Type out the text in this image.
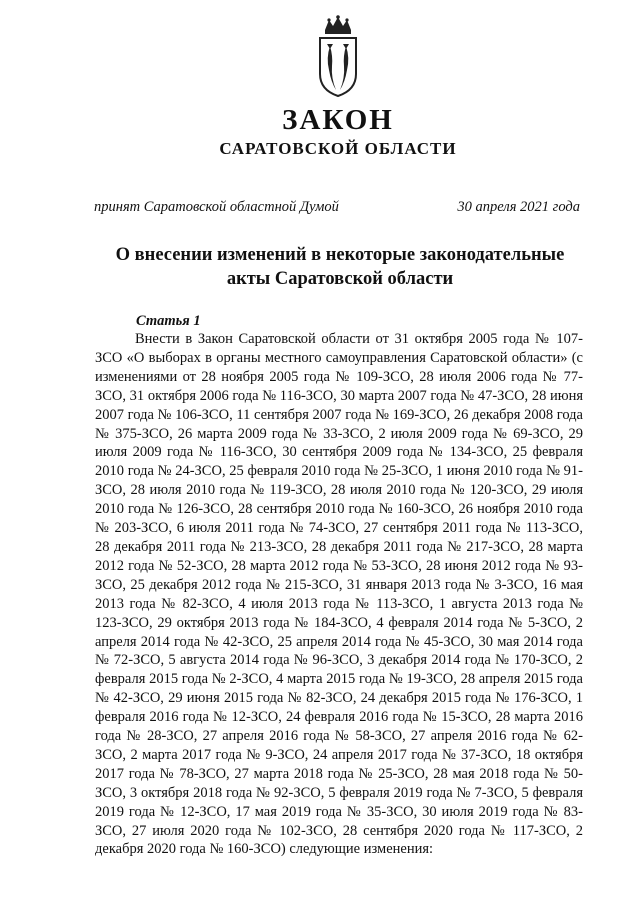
ЗАКОН
САРАТОВСКОЙ ОБЛАСТИ
принят Саратовской областной Думой	30 апреля 2021 года
О внесении изменений в некоторые законодательные акты Саратовской области
Статья 1

Внести в Закон Саратовской области от 31 октября 2005 года № 107-ЗСО «О выборах в органы местного самоуправления Саратовской области» (с изменениями от 28 ноября 2005 года № 109-ЗСО, 28 июля 2006 года № 77-ЗСО, 31 октября 2006 года № 116-ЗСО, 30 марта 2007 года № 47-ЗСО, 28 июня 2007 года № 106-ЗСО, 11 сентября 2007 года № 169-ЗСО, 26 декабря 2008 года № 375-ЗСО, 26 марта 2009 года № 33-ЗСО, 2 июля 2009 года № 69-ЗСО, 29 июля 2009 года № 116-ЗСО, 30 сентября 2009 года № 134-ЗСО, 25 февраля 2010 года № 24-ЗСО, 25 февраля 2010 года № 25-ЗСО, 1 июня 2010 года № 91-ЗСО, 28 июля 2010 года № 119-ЗСО, 28 июля 2010 года № 120-ЗСО, 29 июля 2010 года № 126-ЗСО, 28 сентября 2010 года № 160-ЗСО, 26 ноября 2010 года № 203-ЗСО, 6 июля 2011 года № 74-ЗСО, 27 сентября 2011 года № 113-ЗСО, 28 декабря 2011 года № 213-ЗСО, 28 декабря 2011 года № 217-ЗСО, 28 марта 2012 года № 52-ЗСО, 28 марта 2012 года № 53-ЗСО, 28 июня 2012 года № 93-ЗСО, 25 декабря 2012 года № 215-ЗСО, 31 января 2013 года № 3-ЗСО, 16 мая 2013 года № 82-ЗСО, 4 июля 2013 года № 113-ЗСО, 1 августа 2013 года № 123-ЗСО, 29 октября 2013 года № 184-ЗСО, 4 февраля 2014 года № 5-ЗСО, 2 апреля 2014 года № 42-ЗСО, 25 апреля 2014 года № 45-ЗСО, 30 мая 2014 года № 72-ЗСО, 5 августа 2014 года № 96-ЗСО, 3 декабря 2014 года № 170-ЗСО, 2 февраля 2015 года № 2-ЗСО, 4 марта 2015 года № 19-ЗСО, 28 апреля 2015 года № 42-ЗСО, 29 июня 2015 года № 82-ЗСО, 24 декабря 2015 года № 176-ЗСО, 1 февраля 2016 года № 12-ЗСО, 24 февраля 2016 года № 15-ЗСО, 28 марта 2016 года № 28-ЗСО, 27 апреля 2016 года № 58-ЗСО, 27 апреля 2016 года № 62-ЗСО, 2 марта 2017 года № 9-ЗСО, 24 апреля 2017 года № 37-ЗСО, 18 октября 2017 года № 78-ЗСО, 27 марта 2018 года № 25-ЗСО, 28 мая 2018 года № 50-ЗСО, 3 октября 2018 года № 92-ЗСО, 5 февраля 2019 года № 7-ЗСО, 5 февраля 2019 года № 12-ЗСО, 17 мая 2019 года № 35-ЗСО, 30 июля 2019 года № 83-ЗСО, 27 июля 2020 года № 102-ЗСО, 28 сентября 2020 года № 117-ЗСО, 2 декабря 2020 года № 160-ЗСО) следующие изменения:
